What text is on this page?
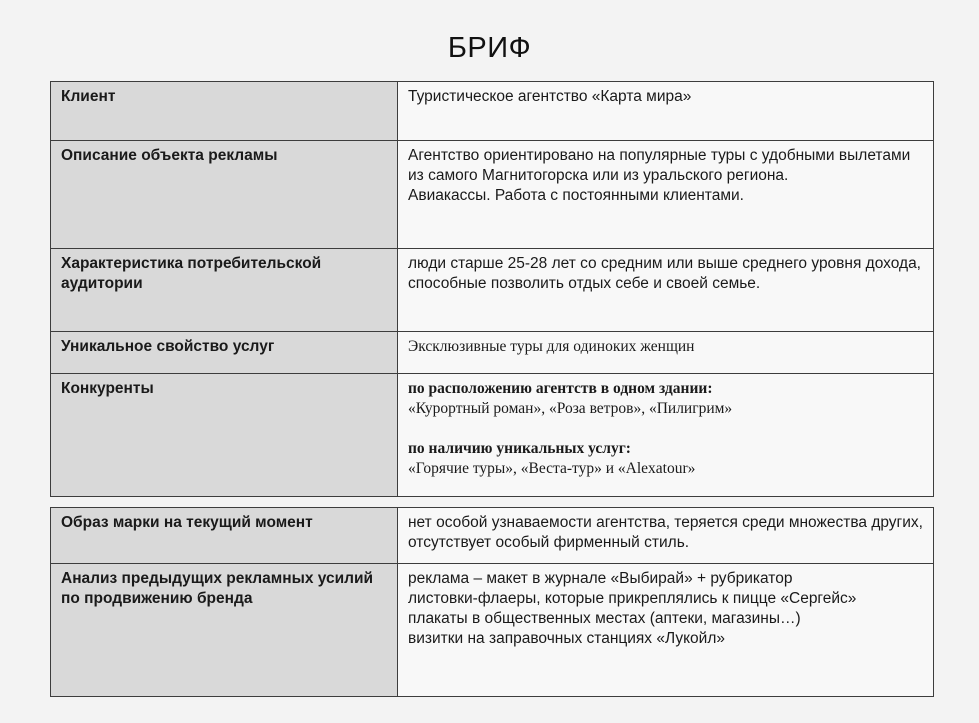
БРИФ
Клиент	Туристическое агентство «Карта мира»

Описание объекта рекламы	Агентство ориентировано на популярные туры с удобными вылетами из самого Магнитогорска или из уральского региона.

Авиакассы. Работа с постоянными клиентами.

Характеристика потребительской аудитории	люди старше 25-28 лет со средним или выше среднего уровня дохода, способные позволить отдых себе и своей семье.

Уникальное свойство услуг	Эксклюзивные туры для одиноких женщин

Конкуренты	по расположению агентств в одном здании:

«Курортный роман», «Роза ветров», «Пилигрим»

по наличию уникальных услуг:

«Горячие туры», «Веста-тур» и «Alexatour»

Образ марки на текущий момент	нет особой узнаваемости агентства, теряется среди множества других, отсутствует особый фирменный стиль.

Анализ предыдущих рекламных усилий по продвижению бренда	реклама – макет в журнале «Выбирай» + рубрикатор

листовки-флаеры, которые прикреплялись к пицце «Сергейс»

плакаты в общественных местах (аптеки, магазины…)

визитки на заправочных станциях «Лукойл»
